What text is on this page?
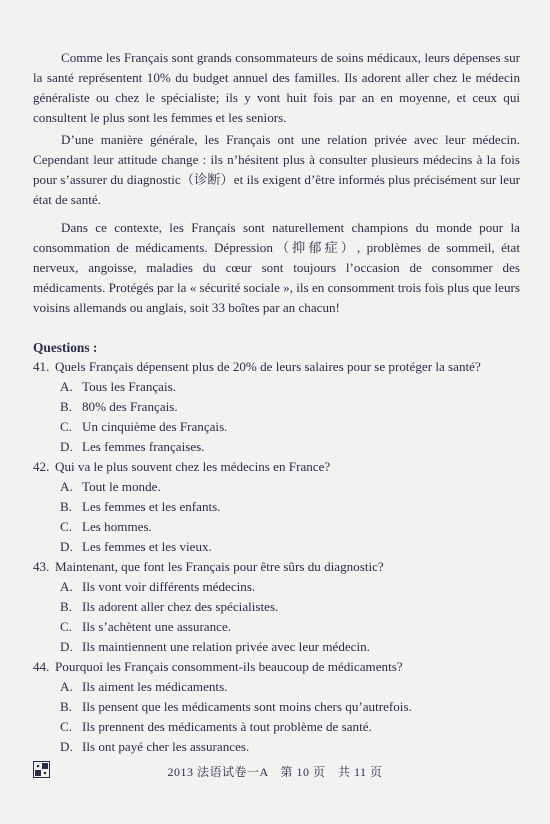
Comme les Français sont grands consommateurs de soins médicaux, leurs dépenses sur la santé représentent 10% du budget annuel des familles. Ils adorent aller chez le médecin généraliste ou chez le spécialiste; ils y vont huit fois par an en moyenne, et ceux qui consultent le plus sont les femmes et les seniors.

D’une manière générale, les Français ont une relation privée avec leur médecin. Cependant leur attitude change : ils n’hésitent plus à consulter plusieurs médecins à la fois pour s’assurer du diagnostic（诊断）et ils exigent d’être informés plus précisément sur leur état de santé.

Dans ce contexte, les Français sont naturellement champions du monde pour la consommation de médicaments. Dépression（抑郁症）, problèmes de sommeil, état nerveux, angoisse, maladies du cœur sont toujours l’occasion de consommer des médicaments. Protégés par la « sécurité sociale », ils en consomment trois fois plus que leurs voisins allemands ou anglais, soit 33 boîtes par an chacun!

Questions :
41. Quels Français dépensent plus de 20% de leurs salaires pour se protéger la santé?
A. Tous les Français.
B. 80% des Français.
C. Un cinquième des Français.
D. Les femmes françaises.
42. Qui va le plus souvent chez les médecins en France?
A. Tout le monde.
B. Les femmes et les enfants.
C. Les hommes.
D. Les femmes et les vieux.
43. Maintenant, que font les Français pour être sûrs du diagnostic?
A. Ils vont voir différents médecins.
B. Ils adorent aller chez des spécialistes.
C. Ils s’achètent une assurance.
D. Ils maintiennent une relation privée avec leur médecin.
44. Pourquoi les Français consomment-ils beaucoup de médicaments?
A. Ils aiment les médicaments.
B. Ils pensent que les médicaments sont moins chers qu’autrefois.
C. Ils prennent des médicaments à tout problème de santé.
D. Ils ont payé cher les assurances.
2013 法语试卷一A　第 10 页　共 11 页
